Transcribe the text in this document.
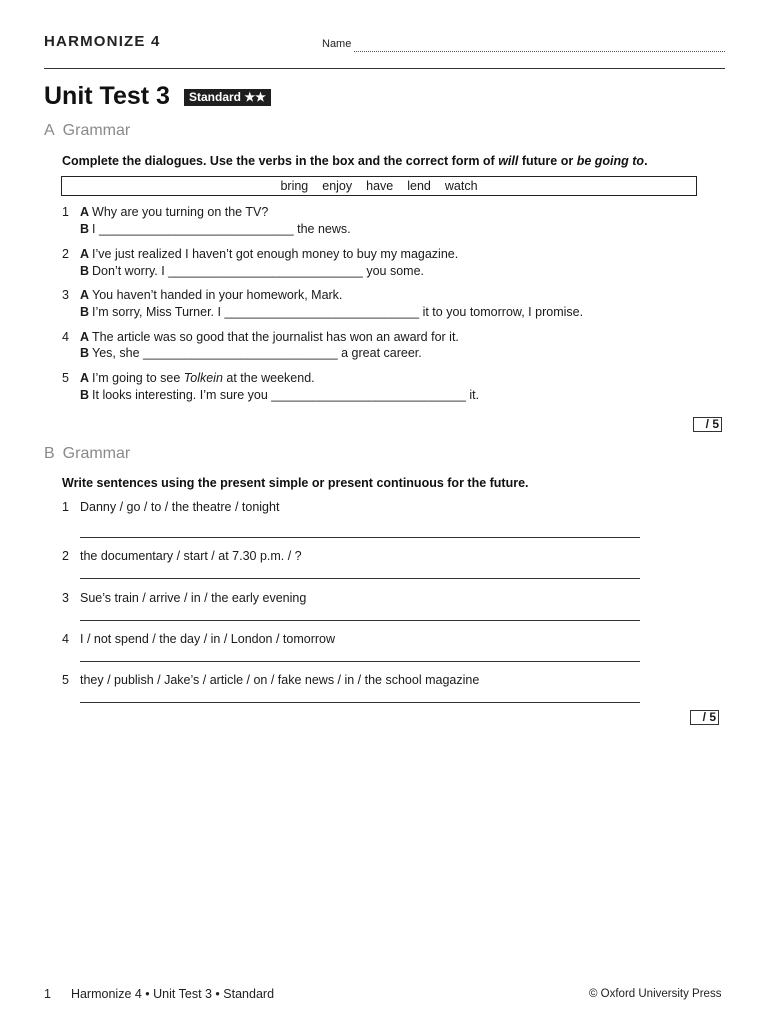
HARMONIZE 4	Name
Unit Test 3	Standard ★★
A Grammar
Complete the dialogues. Use the verbs in the box and the correct form of will future or be going to.
bring enjoy have lend watch
1 A Why are you turning on the TV?
B I ____________________________ the news.
2 A I’ve just realized I haven’t got enough money to buy my magazine.
B Don’t worry. I ____________________________ you some.
3 A You haven’t handed in your homework, Mark.
B I’m sorry, Miss Turner. I ____________________________ it to you tomorrow, I promise.
4 A The article was so good that the journalist has won an award for it.
B Yes, she ____________________________ a great career.
5 A I’m going to see Tolkein at the weekend.
B It looks interesting. I’m sure you ____________________________ it.
/ 5
B Grammar
Write sentences using the present simple or present continuous for the future.
1 Danny / go / to / the theatre / tonight
2 the documentary / start / at 7.30 p.m. / ?
3 Sue’s train / arrive / in / the early evening
4 I / not spend / the day / in / London / tomorrow
5 they / publish / Jake’s / article / on / fake news / in / the school magazine
/ 5
1 Harmonize 4 • Unit Test 3 • Standard	© Oxford University Press
